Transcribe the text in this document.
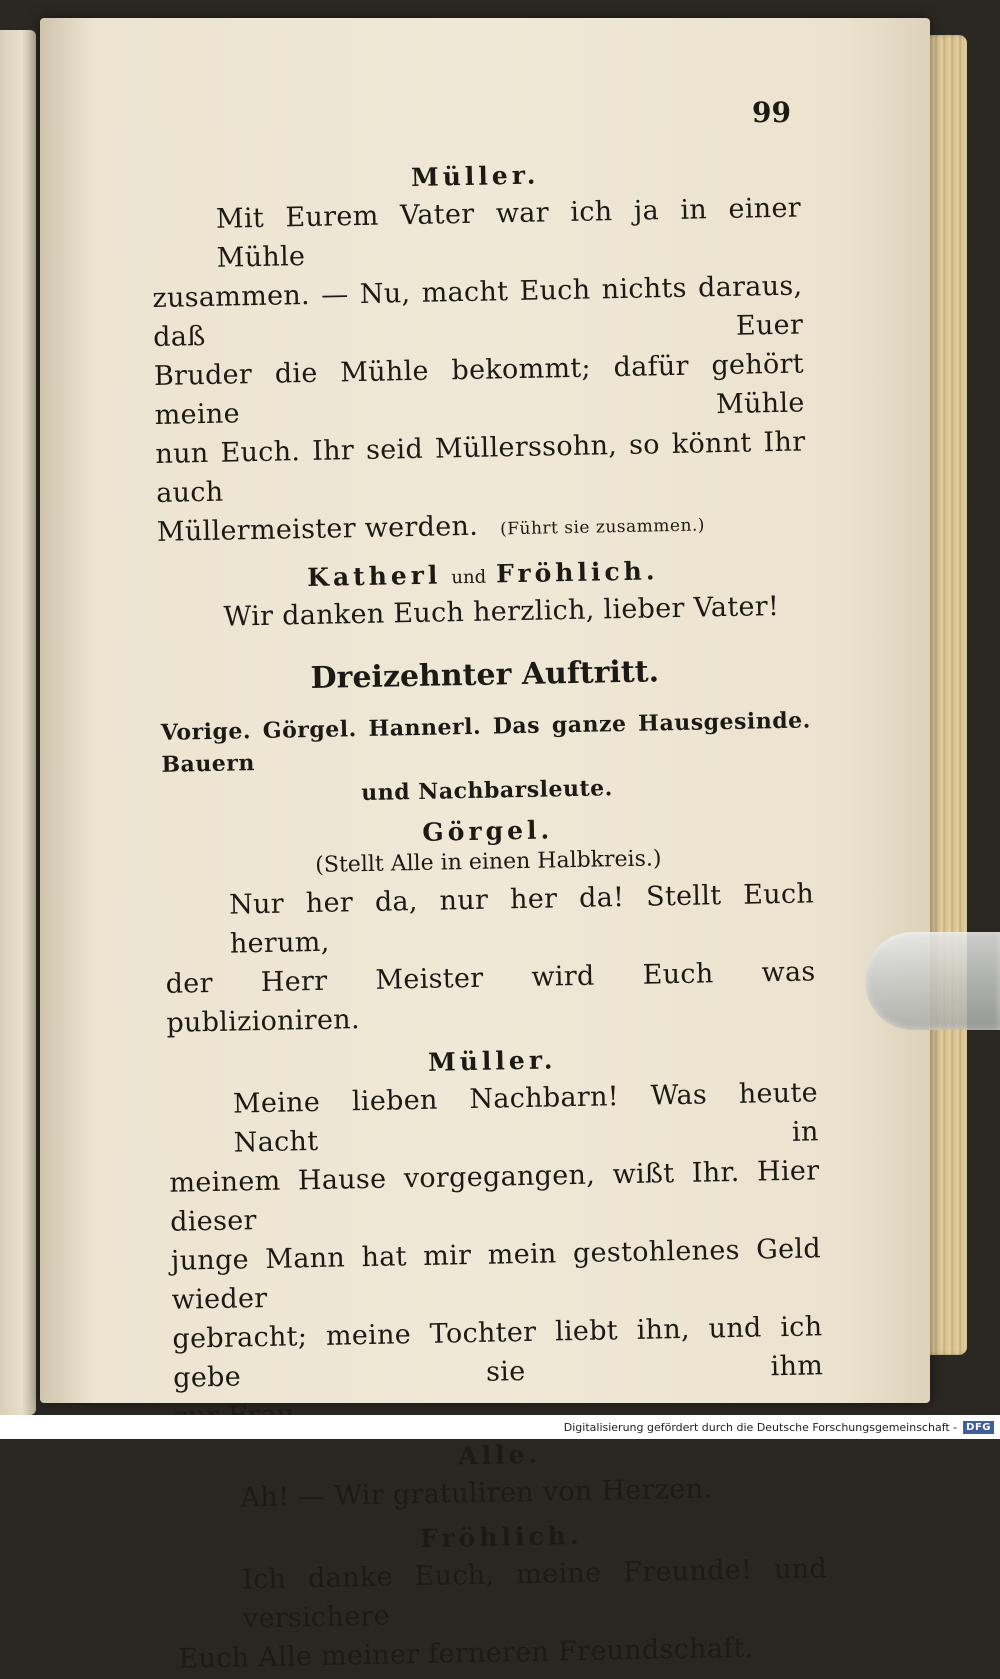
99

Müller.

Mit Eurem Vater war ich ja in einer Mühle

zusammen. — Nu, macht Euch nichts daraus, daß Euer

Bruder die Mühle bekommt; dafür gehört meine Mühle

nun Euch. Ihr seid Müllerssohn, so könnt Ihr auch

Müllermeister werden. (Führt sie zusammen.)

Katherl und Fröhlich.

Wir danken Euch herzlich, lieber Vater!

Dreizehnter Auftritt.

Vorige. Görgel. Hannerl. Das ganze Hausgesinde. Bauern

und Nachbarsleute.

Görgel.

(Stellt Alle in einen Halbkreis.)

Nur her da, nur her da! Stellt Euch herum,

der Herr Meister wird Euch was publizioniren.

Müller.

Meine lieben Nachbarn! Was heute Nacht in

meinem Hause vorgegangen, wißt Ihr. Hier dieser

junge Mann hat mir mein gestohlenes Geld wieder

gebracht; meine Tochter liebt ihn, und ich gebe sie ihm

Alle.

Ah! — Wir gratuliren von Herzen.

Fröhlich.

Ich danke Euch, meine Freunde! und versichere

Euch Alle meiner ferneren Freundschaft.

Digitalisierung gefördert durch die Deutsche Forschungsgemeinschaft - DFG
